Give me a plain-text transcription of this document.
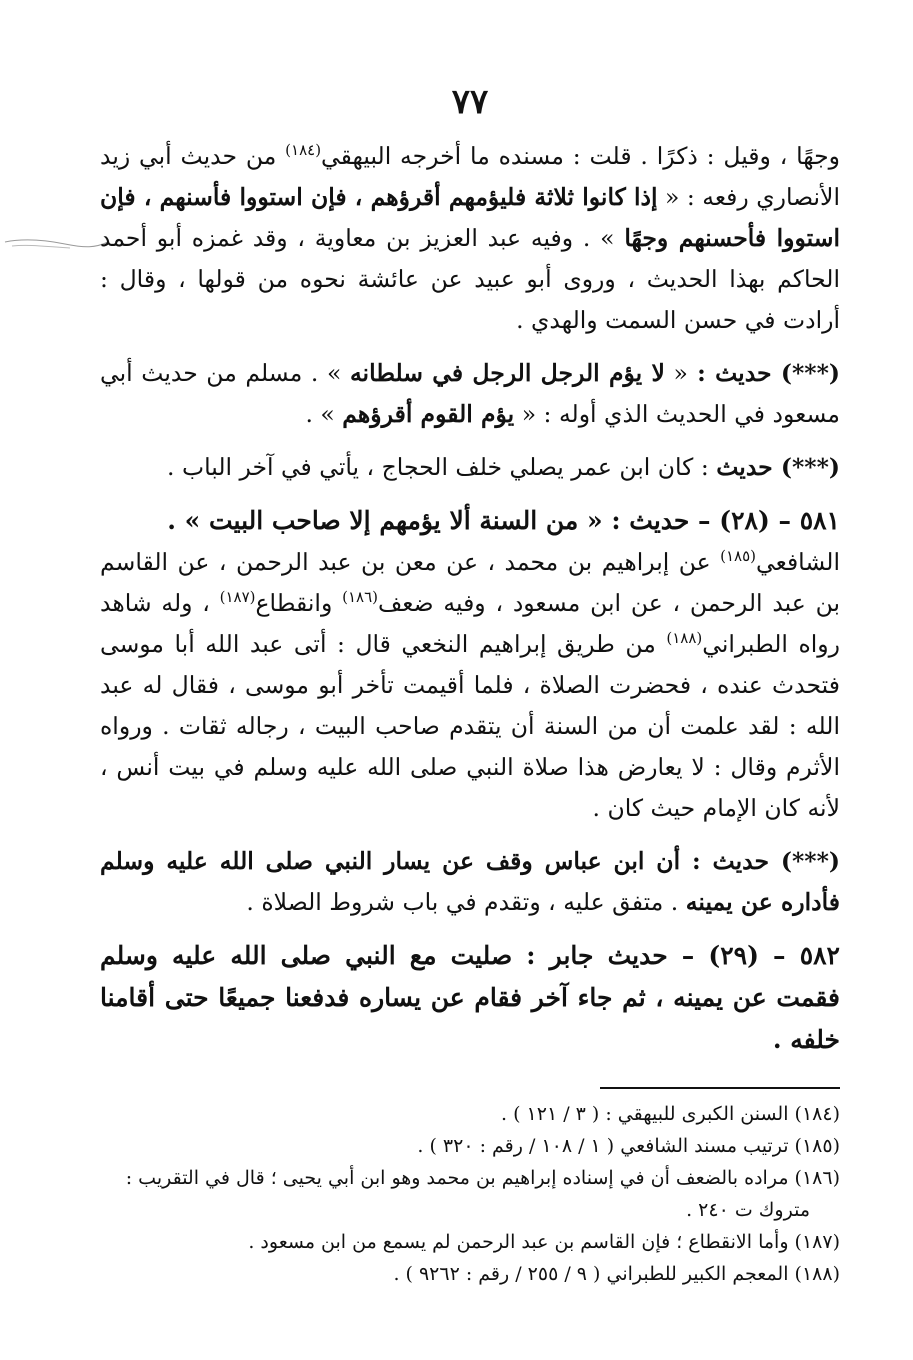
٧٧

وجهًا ، وقيل : ذكرًا . قلت : مسنده ما أخرجه البيهقي$^{(١٨٤)}$ من حديث أبي زيد الأنصاري رفعه : « إذا كانوا ثلاثة فليؤمهم أقرؤهم ، فإن استووا فأسنهم ، فإن استووا فأحسنهم وجهًا » . وفيه عبد العزيز بن معاوية ، وقد غمزه أبو أحمد الحاكم بهذا الحديث ، وروى أبو عبيد عن عائشة نحوه من قولها ، وقال : أرادت في حسن السمت والهدي .

(***) حديث : « لا يؤم الرجل الرجل في سلطانه » . مسلم من حديث أبي مسعود في الحديث الذي أوله : « يؤم القوم أقرؤهم » .

(***) حديث : كان ابن عمر يصلي خلف الحجاج ، يأتي في آخر الباب .

٥٨١ – (٢٨) – حديث : « من السنة ألا يؤمهم إلا صاحب البيت » .
الشافعي$^{(١٨٥)}$ عن إبراهيم بن محمد ، عن معن بن عبد الرحمن ، عن القاسم بن عبد الرحمن ، عن ابن مسعود ، وفيه ضعف$^{(١٨٦)}$ وانقطاع$^{(١٨٧)}$ ، وله شاهد رواه الطبراني$^{(١٨٨)}$ من طريق إبراهيم النخعي قال : أتى عبد الله أبا موسى فتحدث عنده ، فحضرت الصلاة ، فلما أقيمت تأخر أبو موسى ، فقال له عبد الله : لقد علمت أن من السنة أن يتقدم صاحب البيت ، رجاله ثقات . ورواه الأثرم وقال : لا يعارض هذا صلاة النبي صلى الله عليه وسلم في بيت أنس ، لأنه كان الإمام حيث كان .

(***) حديث : أن ابن عباس وقف عن يسار النبي صلى الله عليه وسلم فأداره عن يمينه . متفق عليه ، وتقدم في باب شروط الصلاة .

٥٨٢ – (٢٩) – حديث جابر : صليت مع النبي صلى الله عليه وسلم فقمت عن يمينه ، ثم جاء آخر فقام عن يساره فدفعنا جميعًا حتى أقامنا خلفه .

(١٨٤) السنن الكبرى للبيهقي : ( ٣ / ١٢١ ) .
(١٨٥) ترتيب مسند الشافعي ( ١ / ١٠٨ / رقم : ٣٢٠ ) .
(١٨٦) مراده بالضعف أن في إسناده إبراهيم بن محمد وهو ابن أبي يحيى ؛ قال في التقريب :
متروك ت ٢٤٠ .
(١٨٧) وأما الانقطاع ؛ فإن القاسم بن عبد الرحمن لم يسمع من ابن مسعود .
(١٨٨) المعجم الكبير للطبراني ( ٩ / ٢٥٥ / رقم : ٩٢٦٢ ) .
